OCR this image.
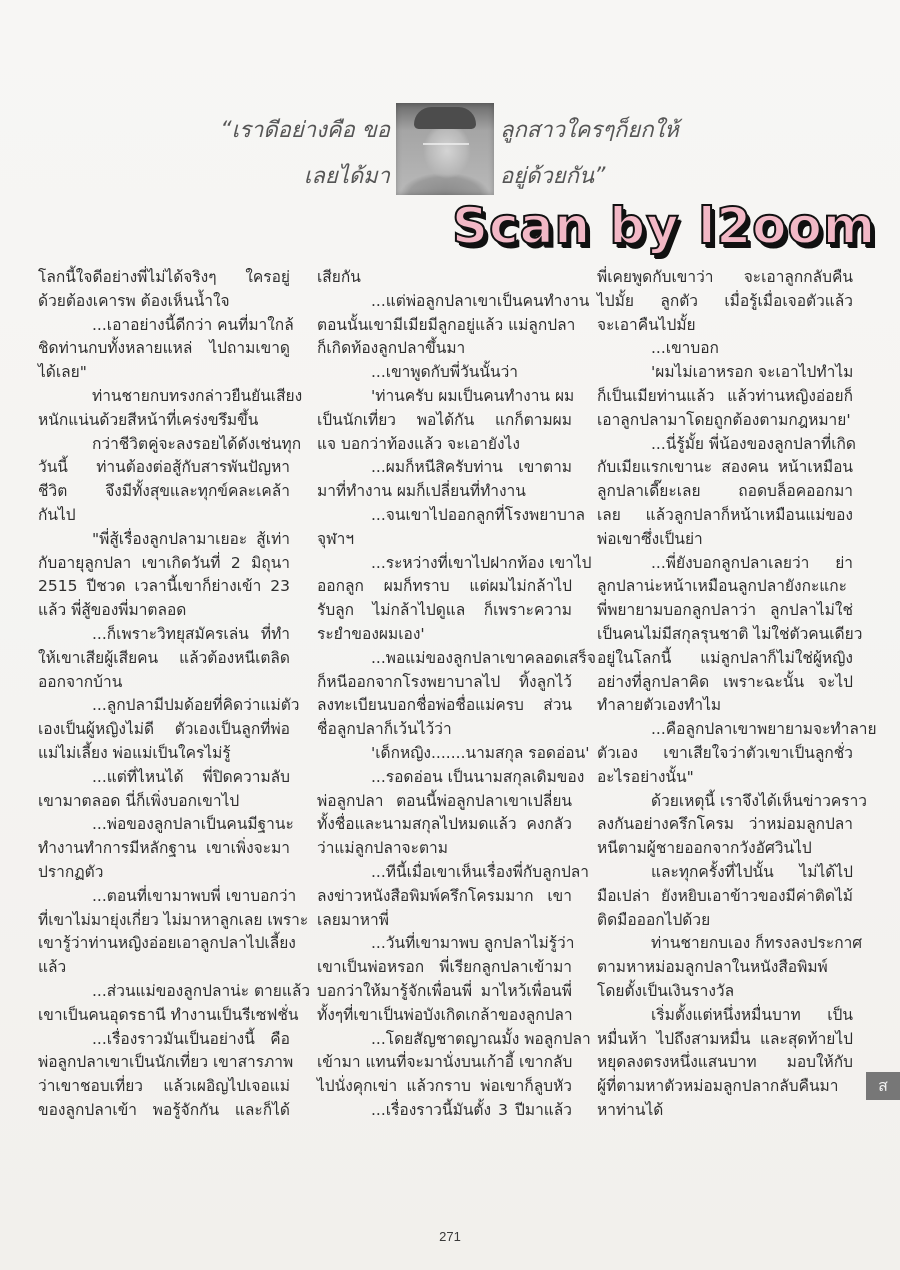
“เราดีอย่างคือ ขอ
เลยได้มา
ลูกสาวใครๆก็ยกให้
อยู่ด้วยกัน”
Scan by l2oom
โลกนี้ใจดีอย่างพี่ไม่ได้จริงๆ ใครอยู่
ด้วยต้องเคารพ ต้องเห็นน้ำใจ
...เอาอย่างนี้ดีกว่า คนที่มาใกล้
ชิดท่านกบทั้งหลายแหล่ ไปถามเขาดู
ได้เลย"
ท่านชายกบทรงกล่าวยืนยันเสียง
หนักแน่นด้วยสีหน้าที่เคร่งขรึมขึ้น
กว่าชีวิตคู่จะลงรอยได้ดังเช่นทุก
วันนี้ ท่านต้องต่อสู้กับสารพันปัญหา
ชีวิต จึงมีทั้งสุขและทุกข์คละเคล้า
กันไป
"พี่สู้เรื่องลูกปลามาเยอะ สู้เท่า
กับอายุลูกปลา เขาเกิดวันที่ 2 มิถุนา
2515 ปีชวด เวลานี้เขาก็ย่างเข้า 23
แล้ว พี่สู้ของพี่มาตลอด
...ก็เพราะวิทยุสมัครเล่น ที่ทำ
ให้เขาเสียผู้เสียคน แล้วต้องหนีเตลิด
ออกจากบ้าน
...ลูกปลามีปมด้อยที่คิดว่าแม่ตัว
เองเป็นผู้หญิงไม่ดี ตัวเองเป็นลูกที่พ่อ
แม่ไม่เลี้ยง พ่อแม่เป็นใครไม่รู้
...แต่ที่ไหนได้ พี่ปิดความลับ
เขามาตลอด นี่ก็เพิ่งบอกเขาไป
...พ่อของลูกปลาเป็นคนมีฐานะ
ทำงานทำการมีหลักฐาน เขาเพิ่งจะมา
ปรากฏตัว
...ตอนที่เขามาพบพี่ เขาบอกว่า
ที่เขาไม่มายุ่งเกี่ยว ไม่มาหาลูกเลย เพราะ
เขารู้ว่าท่านหญิงอ่อยเอาลูกปลาไปเลี้ยง
แล้ว
...ส่วนแม่ของลูกปลาน่ะ ตายแล้ว
เขาเป็นคนอุดรธานี ทำงานเป็นรีเซฟชั่น
...เรื่องราวมันเป็นอย่างนี้ คือ
พ่อลูกปลาเขาเป็นนักเที่ยว เขาสารภาพ
ว่าเขาชอบเที่ยว แล้วเผอิญไปเจอแม่
ของลูกปลาเข้า พอรู้จักกัน และก็ได้
เสียกัน
...แต่พ่อลูกปลาเขาเป็นคนทำงาน
ตอนนั้นเขามีเมียมีลูกอยู่แล้ว แม่ลูกปลา
ก็เกิดท้องลูกปลาขึ้นมา
...เขาพูดกับพี่วันนั้นว่า
'ท่านครับ ผมเป็นคนทำงาน ผม
เป็นนักเที่ยว พอได้กัน แกก็ตามผม
แจ บอกว่าท้องแล้ว จะเอายังไง
...ผมก็หนีสิครับท่าน เขาตาม
มาที่ทำงาน ผมก็เปลี่ยนที่ทำงาน
...จนเขาไปออกลูกที่โรงพยาบาล
จุฬาฯ
...ระหว่างที่เขาไปฝากท้อง เขาไป
ออกลูก ผมก็ทราบ แต่ผมไม่กล้าไป
รับลูก ไม่กล้าไปดูแล ก็เพราะความ
ระยำของผมเอง'
...พอแม่ของลูกปลาเขาคลอดเสร็จ
ก็หนีออกจากโรงพยาบาลไป ทิ้งลูกไว้
ลงทะเบียนบอกชื่อพ่อชื่อแม่ครบ ส่วน
ชื่อลูกปลาก็เว้นไว้ว่า
'เด็กหญิง.......นามสกุล รอดอ่อน'
...รอดอ่อน เป็นนามสกุลเดิมของ
พ่อลูกปลา ตอนนี้พ่อลูกปลาเขาเปลี่ยน
ทั้งชื่อและนามสกุลไปหมดแล้ว คงกลัว
ว่าแม่ลูกปลาจะตาม
...ทีนี้เมื่อเขาเห็นเรื่องพี่กับลูกปลา
ลงข่าวหนังสือพิมพ์ครึกโครมมาก เขา
เลยมาหาพี่
...วันที่เขามาพบ ลูกปลาไม่รู้ว่า
เขาเป็นพ่อหรอก พี่เรียกลูกปลาเข้ามา
บอกว่าให้มารู้จักเพื่อนพี่ มาไหว้เพื่อนพี่
ทั้งๆที่เขาเป็นพ่อบังเกิดเกล้าของลูกปลา
...โดยสัญชาตญาณมั้ง พอลูกปลา
เข้ามา แทนที่จะมานั่งบนเก้าอี้ เขากลับ
ไปนั่งคุกเข่า แล้วกราบ พ่อเขาก็ลูบหัว
...เรื่องราวนี้มันตั้ง 3 ปีมาแล้ว
พี่เคยพูดกับเขาว่า จะเอาลูกกลับคืน
ไปมั้ย ลูกตัว เมื่อรู้เมื่อเจอตัวแล้ว
จะเอาคืนไปมั้ย
...เขาบอก
'ผมไม่เอาหรอก จะเอาไปทำไม
ก็เป็นเมียท่านแล้ว แล้วท่านหญิงอ่อยก็
เอาลูกปลามาโดยถูกต้องตามกฎหมาย'
...นี่รู้มั้ย พี่น้องของลูกปลาที่เกิด
กับเมียแรกเขานะ สองคน หน้าเหมือน
ลูกปลาเดี๊ยะเลย ถอดบล็อคออกมา
เลย แล้วลูกปลาก็หน้าเหมือนแม่ของ
พ่อเขาซึ่งเป็นย่า
...พี่ยังบอกลูกปลาเลยว่า ย่า
ลูกปลาน่ะหน้าเหมือนลูกปลายังกะแกะ
พี่พยายามบอกลูกปลาว่า ลูกปลาไม่ใช่
เป็นคนไม่มีสกุลรุนชาติ ไม่ใช่ตัวคนเดียว
อยู่ในโลกนี้ แม่ลูกปลาก็ไม่ใช่ผู้หญิง
อย่างที่ลูกปลาคิด เพราะฉะนั้น จะไป
ทำลายตัวเองทำไม
...คือลูกปลาเขาพยายามจะทำลาย
ตัวเอง เขาเสียใจว่าตัวเขาเป็นลูกชั่ว
อะไรอย่างนั้น"
ด้วยเหตุนี้ เราจึงได้เห็นข่าวคราว
ลงกันอย่างครึกโครม ว่าหม่อมลูกปลา
หนีตามผู้ชายออกจากวังอัศวินไป
และทุกครั้งที่ไปนั้น ไม่ได้ไป
มือเปล่า ยังหยิบเอาข้าวของมีค่าติดไม้
ติดมือออกไปด้วย
ท่านชายกบเอง ก็ทรงลงประกาศ
ตามหาหม่อมลูกปลาในหนังสือพิมพ์
โดยตั้งเป็นเงินรางวัล
เริ่มตั้งแต่หนึ่งหมื่นบาท เป็น
หมื่นห้า ไปถึงสามหมื่น และสุดท้ายไป
หยุดลงตรงหนึ่งแสนบาท มอบให้กับ
ผู้ที่ตามหาตัวหม่อมลูกปลากลับคืนมา
หาท่านได้
ส
271
